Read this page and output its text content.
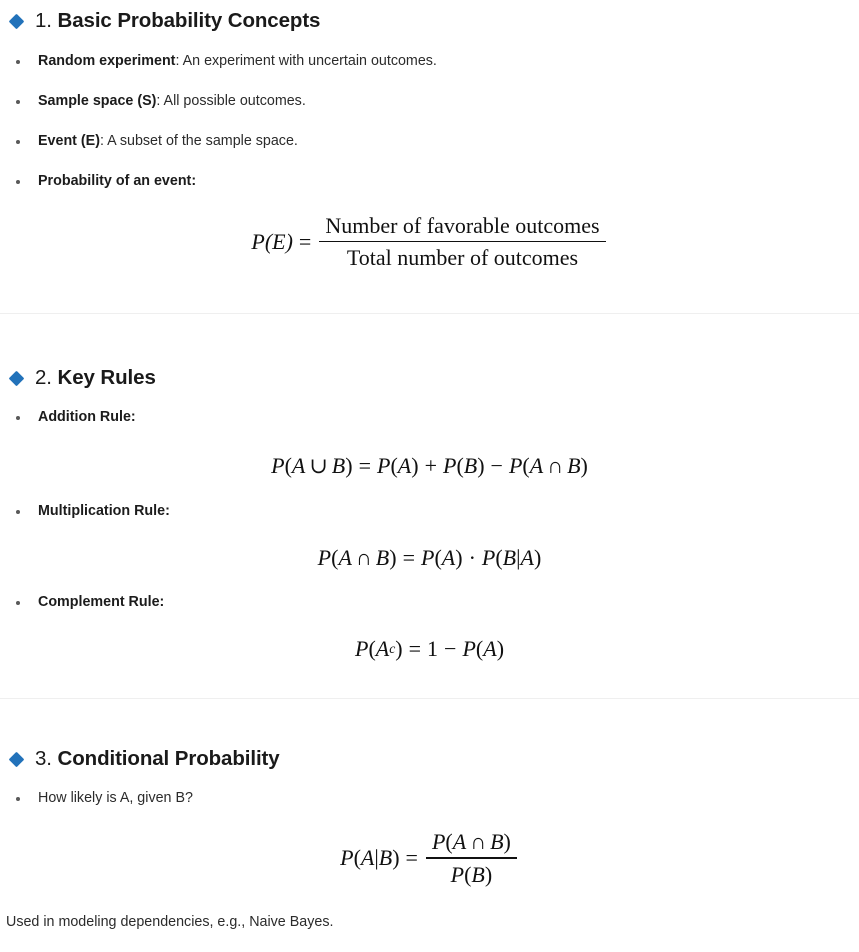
1. Basic Probability Concepts
Random experiment: An experiment with uncertain outcomes.
Sample space (S): All possible outcomes.
Event (E): A subset of the sample space.
Probability of an event:
$P(E) = \frac{\text{Number of favorable outcomes}}{\text{Total number of outcomes}}$
2. Key Rules
Addition Rule:
P ( A ∪ B ) = P ( A ) + P ( B ) − P ( A ∩ B )
Multiplication Rule:
P ( A ∩ B ) = P ( A ) · P ( B | A )
Complement Rule:
P ( A c ) = 1 − P ( A )
3. Conditional Probability
How likely is A, given B?
P ( A | B ) = $\frac{P(A \cap B)}{P(B)}$
Used in modeling dependencies, e.g., Naive Bayes.
